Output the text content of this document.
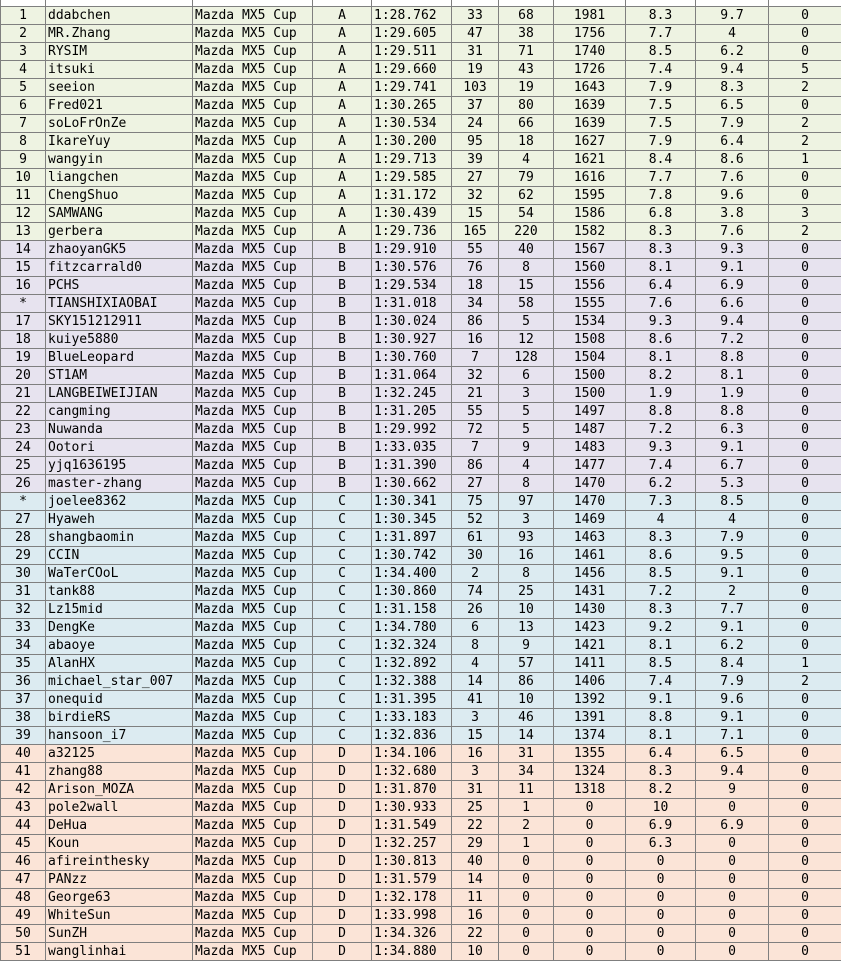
1	ddabchen	Mazda MX5 Cup	A	1:28.762	33	68	1981	8.3	9.7	0
2	MR.Zhang	Mazda MX5 Cup	A	1:29.605	47	38	1756	7.7	4	0
3	RYSIM	Mazda MX5 Cup	A	1:29.511	31	71	1740	8.5	6.2	0
4	itsuki	Mazda MX5 Cup	A	1:29.660	19	43	1726	7.4	9.4	5
5	seeion	Mazda MX5 Cup	A	1:29.741	103	19	1643	7.9	8.3	2
6	Fred021	Mazda MX5 Cup	A	1:30.265	37	80	1639	7.5	6.5	0
7	soLoFrOnZe	Mazda MX5 Cup	A	1:30.534	24	66	1639	7.5	7.9	2
8	IkareYuy	Mazda MX5 Cup	A	1:30.200	95	18	1627	7.9	6.4	2
9	wangyin	Mazda MX5 Cup	A	1:29.713	39	4	1621	8.4	8.6	1
10	liangchen	Mazda MX5 Cup	A	1:29.585	27	79	1616	7.7	7.6	0
11	ChengShuo	Mazda MX5 Cup	A	1:31.172	32	62	1595	7.8	9.6	0
12	SAMWANG	Mazda MX5 Cup	A	1:30.439	15	54	1586	6.8	3.8	3
13	gerbera	Mazda MX5 Cup	A	1:29.736	165	220	1582	8.3	7.6	2
14	zhaoyanGK5	Mazda MX5 Cup	B	1:29.910	55	40	1567	8.3	9.3	0
15	fitzcarrald0	Mazda MX5 Cup	B	1:30.576	76	8	1560	8.1	9.1	0
16	PCHS	Mazda MX5 Cup	B	1:29.534	18	15	1556	6.4	6.9	0
*	TIANSHIXIAOBAI	Mazda MX5 Cup	B	1:31.018	34	58	1555	7.6	6.6	0
17	SKY151212911	Mazda MX5 Cup	B	1:30.024	86	5	1534	9.3	9.4	0
18	kuiye5880	Mazda MX5 Cup	B	1:30.927	16	12	1508	8.6	7.2	0
19	BlueLeopard	Mazda MX5 Cup	B	1:30.760	7	128	1504	8.1	8.8	0
20	ST1AM	Mazda MX5 Cup	B	1:31.064	32	6	1500	8.2	8.1	0
21	LANGBEIWEIJIAN	Mazda MX5 Cup	B	1:32.245	21	3	1500	1.9	1.9	0
22	cangming	Mazda MX5 Cup	B	1:31.205	55	5	1497	8.8	8.8	0
23	Nuwanda	Mazda MX5 Cup	B	1:29.992	72	5	1487	7.2	6.3	0
24	Ootori	Mazda MX5 Cup	B	1:33.035	7	9	1483	9.3	9.1	0
25	yjq1636195	Mazda MX5 Cup	B	1:31.390	86	4	1477	7.4	6.7	0
26	master-zhang	Mazda MX5 Cup	B	1:30.662	27	8	1470	6.2	5.3	0
*	joelee8362	Mazda MX5 Cup	C	1:30.341	75	97	1470	7.3	8.5	0
27	Hyaweh	Mazda MX5 Cup	C	1:30.345	52	3	1469	4	4	0
28	shangbaomin	Mazda MX5 Cup	C	1:31.897	61	93	1463	8.3	7.9	0
29	CCIN	Mazda MX5 Cup	C	1:30.742	30	16	1461	8.6	9.5	0
30	WaTerCOoL	Mazda MX5 Cup	C	1:34.400	2	8	1456	8.5	9.1	0
31	tank88	Mazda MX5 Cup	C	1:30.860	74	25	1431	7.2	2	0
32	Lz15mid	Mazda MX5 Cup	C	1:31.158	26	10	1430	8.3	7.7	0
33	DengKe	Mazda MX5 Cup	C	1:34.780	6	13	1423	9.2	9.1	0
34	abaoye	Mazda MX5 Cup	C	1:32.324	8	9	1421	8.1	6.2	0
35	AlanHX	Mazda MX5 Cup	C	1:32.892	4	57	1411	8.5	8.4	1
36	michael_star_007	Mazda MX5 Cup	C	1:32.388	14	86	1406	7.4	7.9	2
37	onequid	Mazda MX5 Cup	C	1:31.395	41	10	1392	9.1	9.6	0
38	birdieRS	Mazda MX5 Cup	C	1:33.183	3	46	1391	8.8	9.1	0
39	hansoon_i7	Mazda MX5 Cup	C	1:32.836	15	14	1374	8.1	7.1	0
40	a32125	Mazda MX5 Cup	D	1:34.106	16	31	1355	6.4	6.5	0
41	zhang88	Mazda MX5 Cup	D	1:32.680	3	34	1324	8.3	9.4	0
42	Arison_MOZA	Mazda MX5 Cup	D	1:31.870	31	11	1318	8.2	9	0
43	pole2wall	Mazda MX5 Cup	D	1:30.933	25	1	0	10	0	0
44	DeHua	Mazda MX5 Cup	D	1:31.549	22	2	0	6.9	6.9	0
45	Koun	Mazda MX5 Cup	D	1:32.257	29	1	0	6.3	0	0
46	afireinthesky	Mazda MX5 Cup	D	1:30.813	40	0	0	0	0	0
47	PANzz	Mazda MX5 Cup	D	1:31.579	14	0	0	0	0	0
48	George63	Mazda MX5 Cup	D	1:32.178	11	0	0	0	0	0
49	WhiteSun	Mazda MX5 Cup	D	1:33.998	16	0	0	0	0	0
50	SunZH	Mazda MX5 Cup	D	1:34.326	22	0	0	0	0	0
51	wanglinhai	Mazda MX5 Cup	D	1:34.880	10	0	0	0	0	0
